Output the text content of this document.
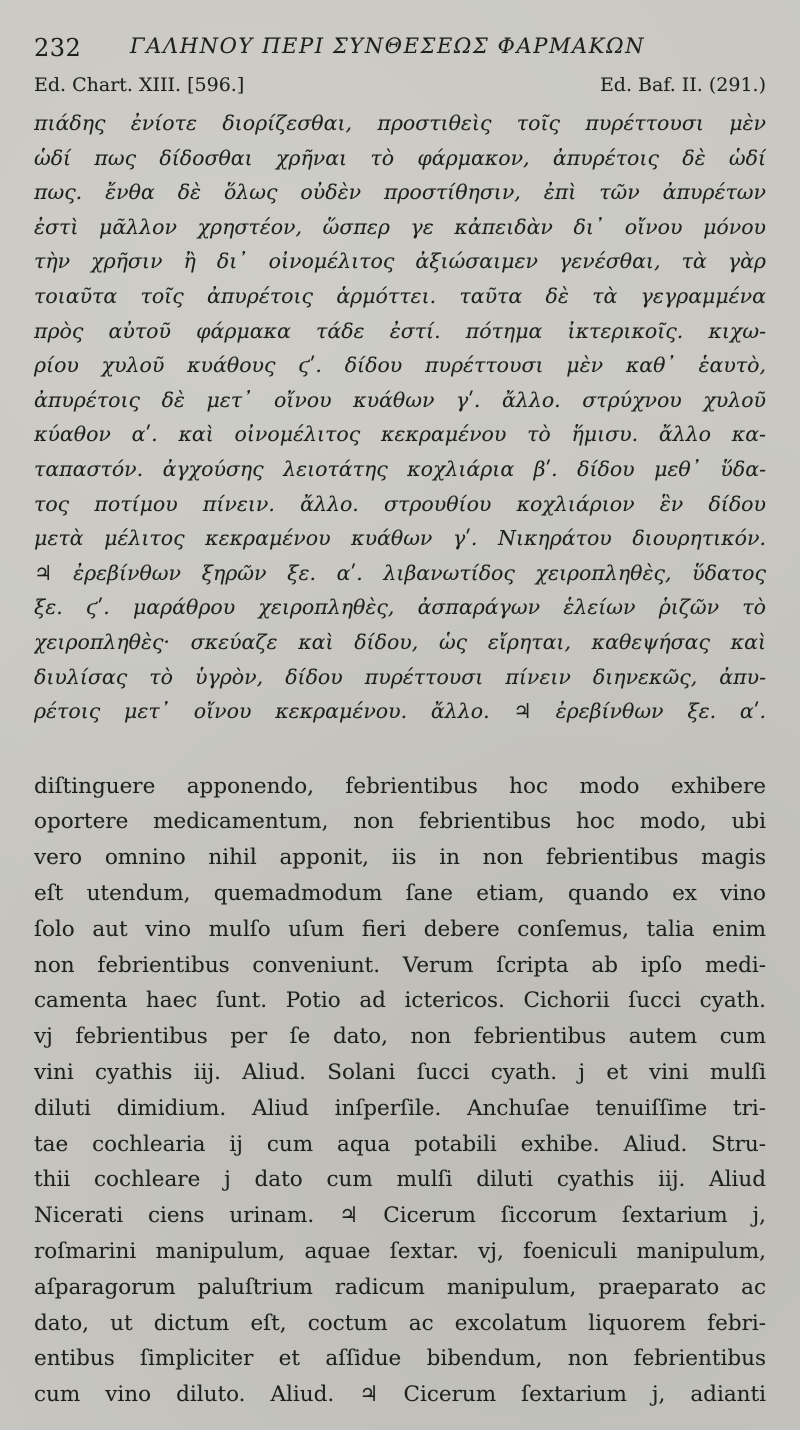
232 ΓΑΛΗΝΟΥ ΠΕΡΙ ΣΥΝΘΕΣΕΩΣ ΦΑΡΜΑΚΩΝ
Ed. Chart. XIII. [596.]	Ed. Baf. II. (291.)
πιάδης ἐνίοτε διορίζεσθαι, προστιθεὶς τοῖς πυρέττουσι μὲν
ὡδί πως δίδοσθαι χρῆναι τὸ φάρμακον, ἀπυρέτοις δὲ ὡδί
πως. ἔνθα δὲ ὅλως οὐδὲν προστίθησιν, ἐπὶ τῶν ἀπυρέτων
ἐστὶ μᾶλλον χρηστέον, ὥσπερ γε κἀπειδὰν δι᾽ οἴνου μόνου
τὴν χρῆσιν ἢ δι᾽ οἰνομέλιτος ἀξιώσαιμεν γενέσθαι, τὰ γὰρ
τοιαῦτα τοῖς ἀπυρέτοις ἁρμόττει. ταῦτα δὲ τὰ γεγραμμένα
πρὸς αὐτοῦ φάρμακα τάδε ἐστί. πότημα ἰκτερικοῖς. κιχω-
ρίου χυλοῦ κυάθους ϛʹ. δίδου πυρέττουσι μὲν καθ᾽ ἑαυτὸ,
ἀπυρέτοις δὲ μετ᾽ οἴνου κυάθων γʹ. ἄλλο. στρύχνου χυλοῦ
κύαθον αʹ. καὶ οἰνομέλιτος κεκραμένου τὸ ἥμισυ. ἄλλο κα-
ταπαστόν. ἀγχούσης λειοτάτης κοχλιάρια βʹ. δίδου μεθ᾽ ὕδα-
τος ποτίμου πίνειν. ἄλλο. στρουθίου κοχλιάριον ἓν δίδου
μετὰ μέλιτος κεκραμένου κυάθων γʹ. Νικηράτου διουρητικόν.
♃ ἐρεβίνθων ξηρῶν ξε. αʹ. λιβανωτίδος χειροπληθὲς, ὕδατος
ξε. ϛʹ. μαράθρου χειροπληθὲς, ἀσπαράγων ἑλείων ῥιζῶν τὸ
χειροπληθὲς· σκεύαζε καὶ δίδου, ὡς εἴρηται, καθεψήσας καὶ
διυλίσας τὸ ὑγρὸν, δίδου πυρέττουσι πίνειν διηνεκῶς, ἀπυ-
ρέτοις μετ᾽ οἴνου κεκραμένου. ἄλλο. ♃ ἐρεβίνθων ξε. αʹ.
diſtinguere apponendo, febrientibus hoc modo exhibere
oportere medicamentum, non febrientibus hoc modo, ubi
vero omnino nihil apponit, iis in non febrientibus magis
eſt utendum, quemadmodum ſane etiam, quando ex vino
ſolo aut vino mulſo uſum fieri debere conſemus, talia enim
non febrientibus conveniunt. Verum ſcripta ab ipſo medi-
camenta haec ſunt. Potio ad ictericos. Cichorii ſucci cyath.
vj febrientibus per ſe dato, non febrientibus autem cum
vini cyathis iij. Aliud. Solani ſucci cyath. j et vini mulſi
diluti dimidium. Aliud inſperſile. Anchuſae tenuiſſime tri-
tae cochlearia ij cum aqua potabili exhibe. Aliud. Stru-
thii cochleare j dato cum mulſi diluti cyathis iij. Aliud
Nicerati ciens urinam. ♃ Cicerum ſiccorum ſextarium j,
roſmarini manipulum, aquae ſextar. vj, foeniculi manipulum,
aſparagorum paluſtrium radicum manipulum, praeparato ac
dato, ut dictum eſt, coctum ac excolatum liquorem febri-
entibus ſimpliciter et aſſidue bibendum, non febrientibus
cum vino diluto. Aliud. ♃ Cicerum ſextarium j, adianti
